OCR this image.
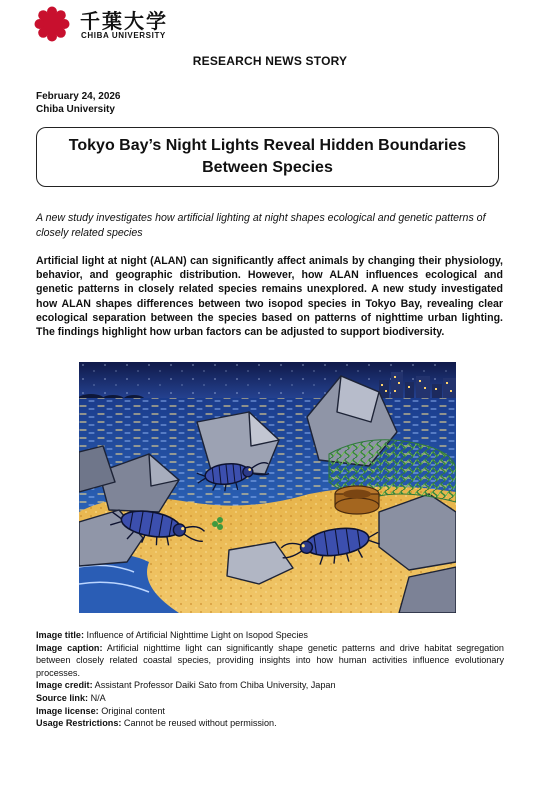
千葉大学
CHIBA UNIVERSITY
RESEARCH NEWS STORY
February 24, 2026
Chiba University
Tokyo Bay’s Night Lights Reveal Hidden Boundaries Between Species
A new study investigates how artificial lighting at night shapes ecological and genetic patterns of closely related species

Artificial light at night (ALAN) can significantly affect animals by changing their physiology, behavior, and geographic distribution. However, how ALAN influences ecological and genetic patterns in closely related species remains unexplored. A new study investigated how ALAN shapes differences between two isopod species in Tokyo Bay, revealing clear ecological separation between the species based on patterns of nighttime urban lighting. The findings highlight how urban factors can be adjusted to support biodiversity.

Image title: Influence of Artificial Nighttime Light on Isopod Species

Image caption: Artificial nighttime light can significantly shape genetic patterns and drive habitat segregation between closely related coastal species, providing insights into how human activities influence evolutionary processes.

Image credit: Assistant Professor Daiki Sato from Chiba University, Japan

Source link: N/A

Image license: Original content

Usage Restrictions: Cannot be reused without permission.
